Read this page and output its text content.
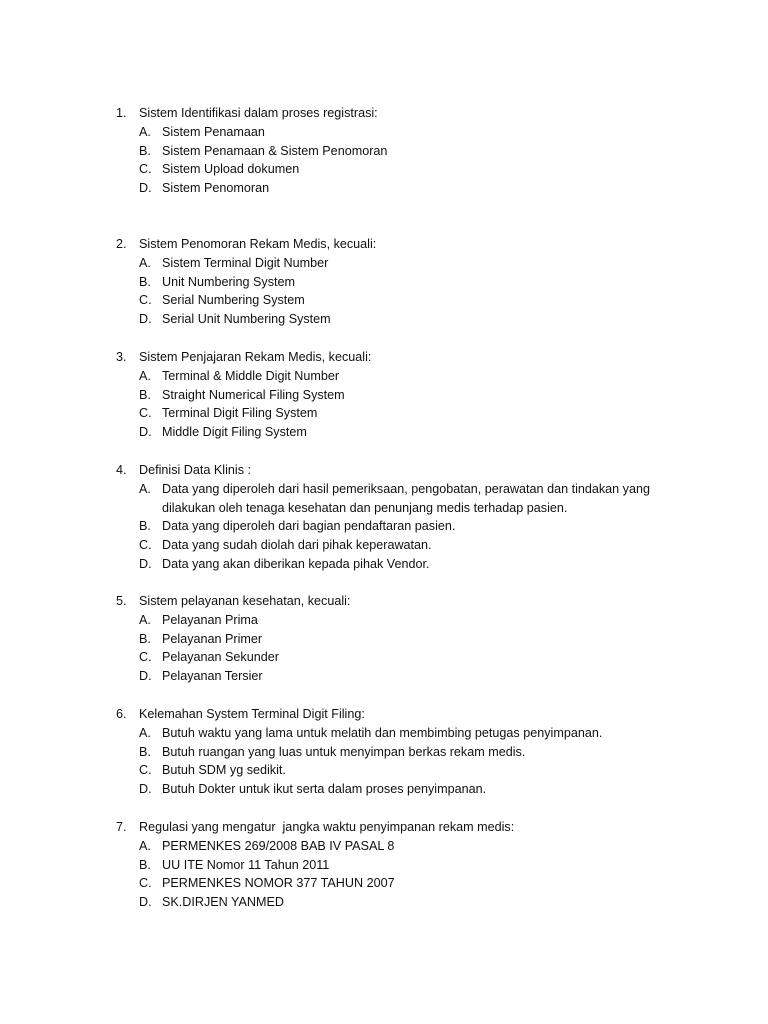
1. Sistem Identifikasi dalam proses registrasi:
A. Sistem Penamaan
B. Sistem Penamaan & Sistem Penomoran
C. Sistem Upload dokumen
D. Sistem Penomoran
2. Sistem Penomoran Rekam Medis, kecuali:
A. Sistem Terminal Digit Number
B. Unit Numbering System
C. Serial Numbering System
D. Serial Unit Numbering System
3. Sistem Penjajaran Rekam Medis, kecuali:
A. Terminal & Middle Digit Number
B. Straight Numerical Filing System
C. Terminal Digit Filing System
D. Middle Digit Filing System
4. Definisi Data Klinis :
A. Data yang diperoleh dari hasil pemeriksaan, pengobatan, perawatan dan tindakan yang dilakukan oleh tenaga kesehatan dan penunjang medis terhadap pasien.
B. Data yang diperoleh dari bagian pendaftaran pasien.
C. Data yang sudah diolah dari pihak keperawatan.
D. Data yang akan diberikan kepada pihak Vendor.
5. Sistem pelayanan kesehatan, kecuali:
A. Pelayanan Prima
B. Pelayanan Primer
C. Pelayanan Sekunder
D. Pelayanan Tersier
6. Kelemahan System Terminal Digit Filing:
A. Butuh waktu yang lama untuk melatih dan membimbing petugas penyimpanan.
B. Butuh ruangan yang luas untuk menyimpan berkas rekam medis.
C. Butuh SDM yg sedikit.
D. Butuh Dokter untuk ikut serta dalam proses penyimpanan.
7. Regulasi yang mengatur  jangka waktu penyimpanan rekam medis:
A. PERMENKES 269/2008 BAB IV PASAL 8
B. UU ITE Nomor 11 Tahun 2011
C. PERMENKES NOMOR 377 TAHUN 2007
D. SK.DIRJEN YANMED
